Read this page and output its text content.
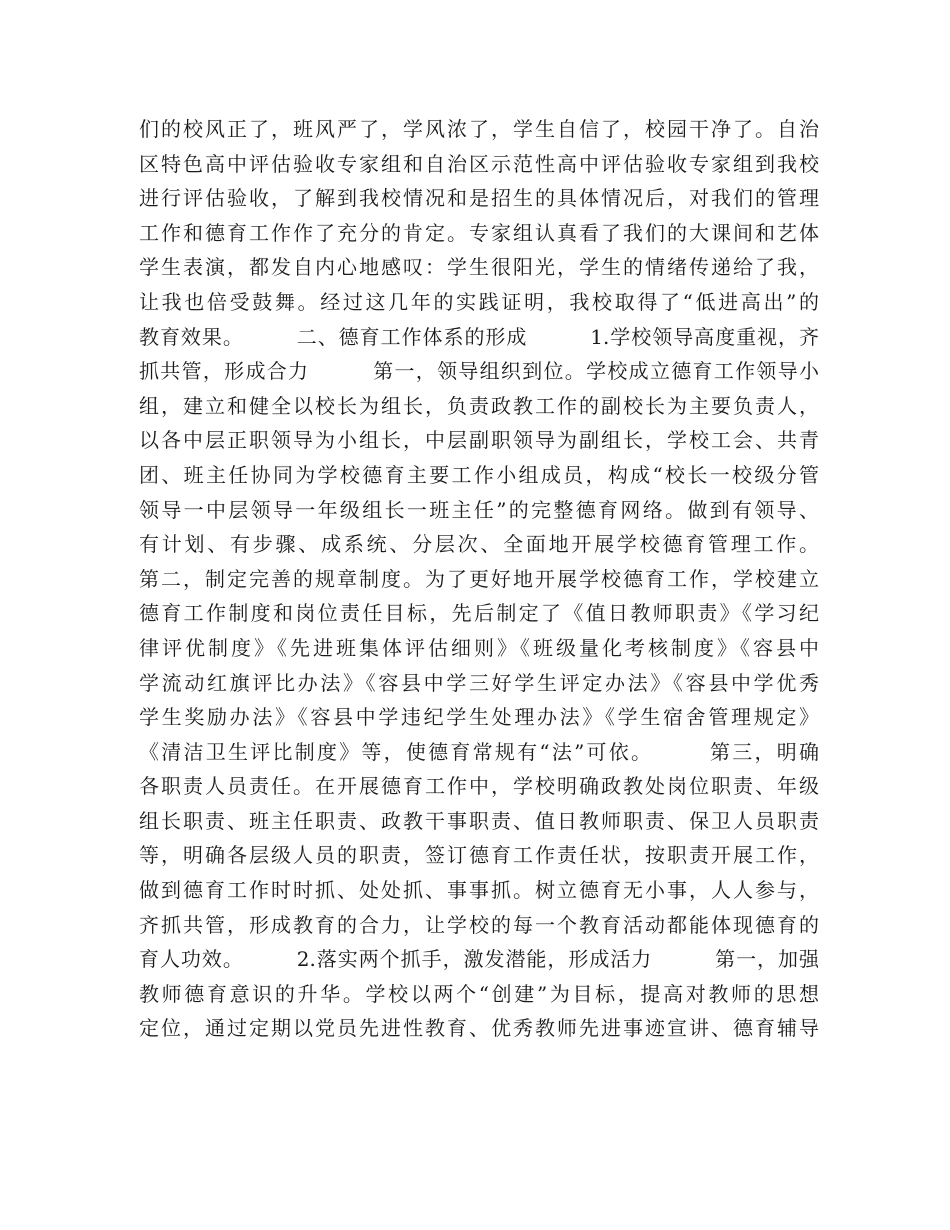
们的校风正了，班风严了，学风浓了，学生自信了，校园干净了。自治
区特色高中评估验收专家组和自治区示范性高中评估验收专家组到我校
进行评估验收，了解到我校情况和是招生的具体情况后，对我们的管理
工作和德育工作作了充分的肯定。专家组认真看了我们的大课间和艺体
学生表演，都发自内心地感叹：学生很阳光，学生的情绪传递给了我，
让我也倍受鼓舞。经过这几年的实践证明，我校取得了“低进高出”的
教育效果。　　　二、德育工作体系的形成　　　1.学校领导高度重视，齐
抓共管，形成合力　　　第一，领导组织到位。学校成立德育工作领导小
组，建立和健全以校长为组长，负责政教工作的副校长为主要负责人，
以各中层正职领导为小组长，中层副职领导为副组长，学校工会、共青
团、班主任协同为学校德育主要工作小组成员，构成“校长一校级分管
领导一中层领导一年级组长一班主任”的完整德育网络。做到有领导、
有计划、有步骤、成系统、分层次、全面地开展学校德育管理工作。
第二，制定完善的规章制度。为了更好地开展学校德育工作，学校建立
德育工作制度和岗位责任目标，先后制定了《值日教师职责》《学习纪
律评优制度》《先进班集体评估细则》《班级量化考核制度》《容县中
学流动红旗评比办法》《容县中学三好学生评定办法》《容县中学优秀
学生奖励办法》《容县中学违纪学生处理办法》《学生宿舍管理规定》
《清洁卫生评比制度》等，使德育常规有“法”可依。　　　第三，明确
各职责人员责任。在开展德育工作中，学校明确政教处岗位职责、年级
组长职责、班主任职责、政教干事职责、值日教师职责、保卫人员职责
等，明确各层级人员的职责，签订德育工作责任状，按职责开展工作，
做到德育工作时时抓、处处抓、事事抓。树立德育无小事，人人参与，
齐抓共管，形成教育的合力，让学校的每一个教育活动都能体现德育的
育人功效。　　　2.落实两个抓手，激发潜能，形成活力　　　第一，加强
教师德育意识的升华。学校以两个“创建”为目标，提高对教师的思想
定位，通过定期以党员先进性教育、优秀教师先进事迹宣讲、德育辅导
